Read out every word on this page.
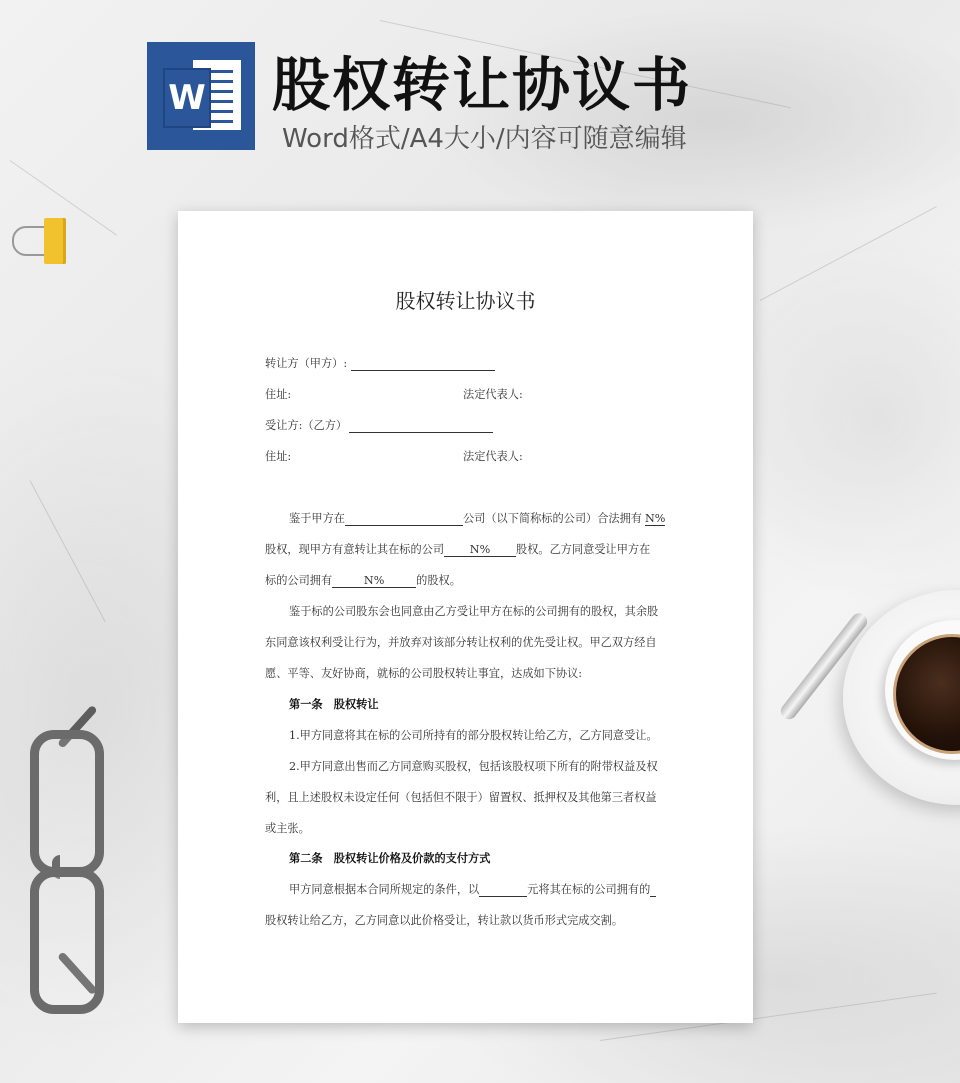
W 股权转让协议书
Word格式/A4大小/内容可随意编辑
股权转让协议书
转让方（甲方）:
住址:	法定代表人:
受让方:（乙方）
住址:	法定代表人:
鉴于甲方在	公司（以下简称标的公司）合法拥有 N%
股权，现甲方有意转让其在标的公司 N% 股权。乙方同意受让甲方在
标的公司拥有	N%	的股权。
鉴于标的公司股东会也同意由乙方受让甲方在标的公司拥有的股权，其余股
东同意该权利受让行为，并放弃对该部分转让权利的优先受让权。甲乙双方经自
愿、平等、友好协商，就标的公司股权转让事宜，达成如下协议:
第一条　股权转让
1.甲方同意将其在标的公司所持有的部分股权转让给乙方，乙方同意受让。
2.甲方同意出售而乙方同意购买股权，包括该股权项下所有的附带权益及权
利，且上述股权未设定任何（包括但不限于）留置权、抵押权及其他第三者权益
或主张。
第二条　股权转让价格及价款的支付方式
甲方同意根据本合同所规定的条件，以	元将其在标的公司拥有的
股权转让给乙方，乙方同意以此价格受让，转让款以货币形式完成交割。
